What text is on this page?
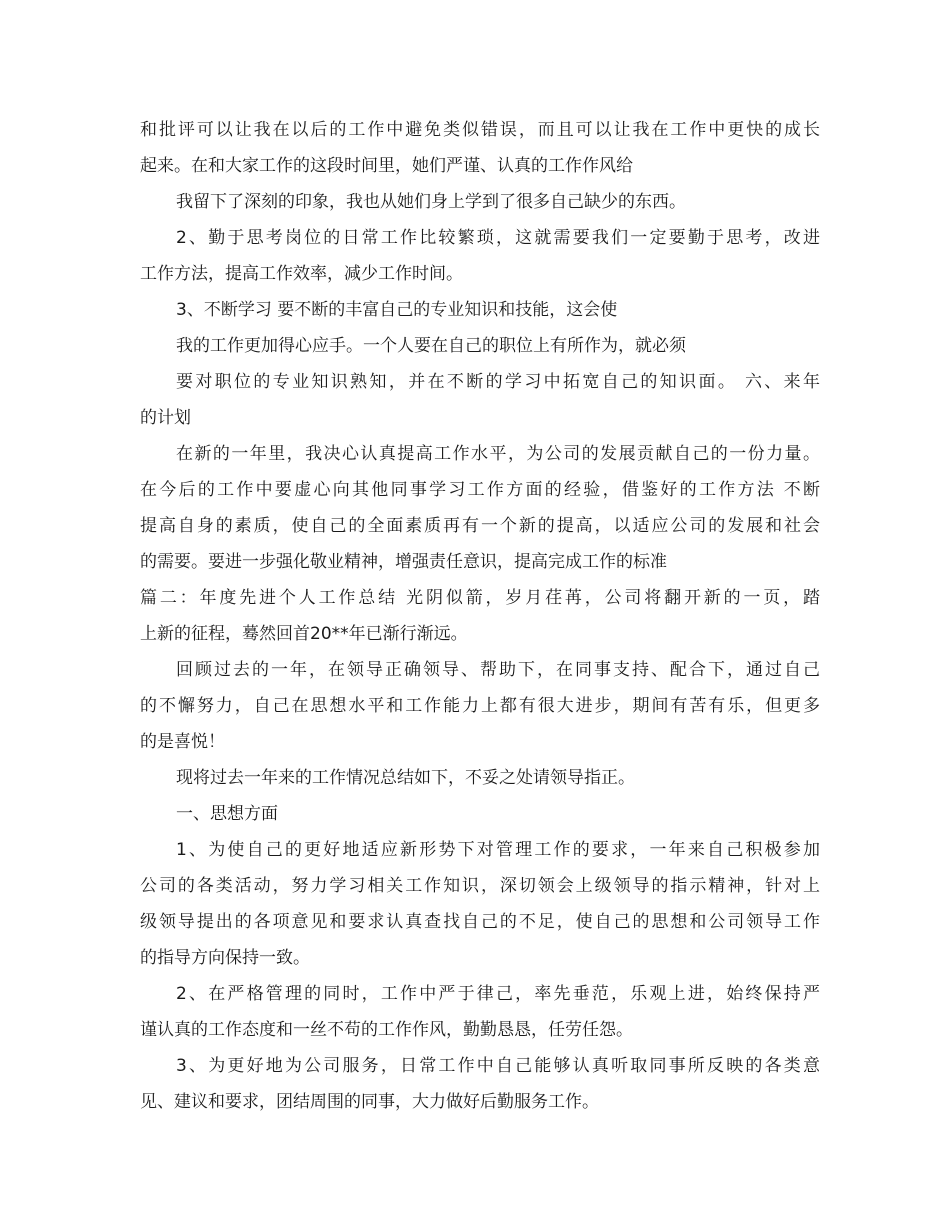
和批评可以让我在以后的工作中避免类似错误，而且可以让我在工作中更快的成长
起来。在和大家工作的这段时间里，她们严谨、认真的工作作风给
我留下了深刻的印象，我也从她们身上学到了很多自己缺少的东西。
2、勤于思考岗位的日常工作比较繁琐，这就需要我们一定要勤于思考，改进
工作方法，提高工作效率，减少工作时间。
3、不断学习 要不断的丰富自己的专业知识和技能，这会使
我的工作更加得心应手。一个人要在自己的职位上有所作为，就必须
要对职位的专业知识熟知，并在不断的学习中拓宽自己的知识面。 六、来年
的计划
在新的一年里，我决心认真提高工作水平，为公司的发展贡献自己的一份力量。
在今后的工作中要虚心向其他同事学习工作方面的经验，借鉴好的工作方法 不断
提高自身的素质，使自己的全面素质再有一个新的提高，以适应公司的发展和社会
的需要。要进一步强化敬业精神，增强责任意识，提高完成工作的标准
篇二：年度先进个人工作总结 光阴似箭，岁月荏苒，公司将翻开新的一页，踏
上新的征程，蓦然回首20**年已渐行渐远。
回顾过去的一年，在领导正确领导、帮助下，在同事支持、配合下，通过自己
的不懈努力，自己在思想水平和工作能力上都有很大进步，期间有苦有乐，但更多
的是喜悦！
现将过去一年来的工作情况总结如下，不妥之处请领导指正。
一、思想方面
1、为使自己的更好地适应新形势下对管理工作的要求，一年来自己积极参加
公司的各类活动，努力学习相关工作知识，深切领会上级领导的指示精神，针对上
级领导提出的各项意见和要求认真查找自己的不足，使自己的思想和公司领导工作
的指导方向保持一致。
2、在严格管理的同时，工作中严于律己，率先垂范，乐观上进，始终保持严
谨认真的工作态度和一丝不苟的工作作风，勤勤恳恳，任劳任怨。
3、为更好地为公司服务，日常工作中自己能够认真听取同事所反映的各类意
见、建议和要求，团结周围的同事，大力做好后勤服务工作。
